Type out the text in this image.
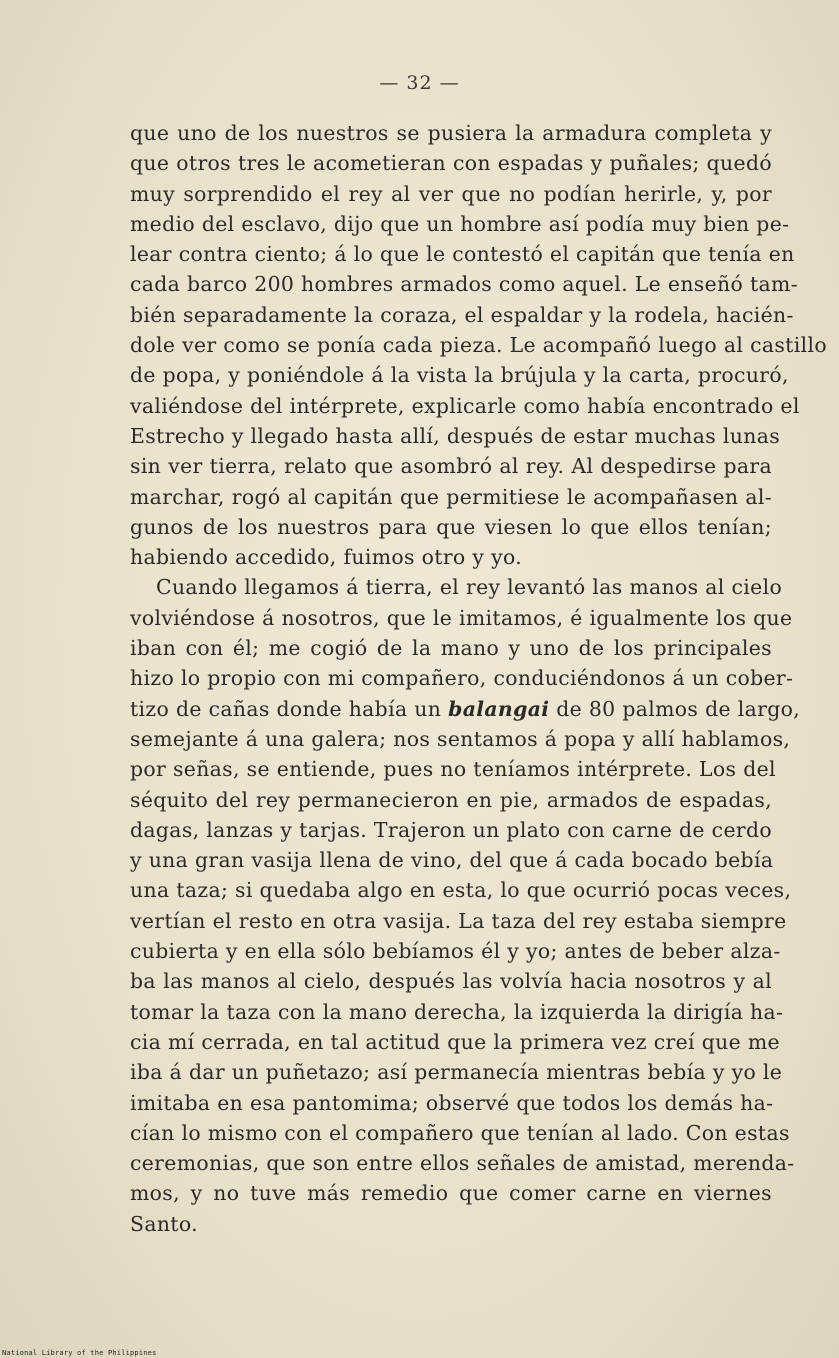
— 32 —
que uno de los nuestros se pusiera la armadura completa y
que otros tres le acometieran con espadas y puñales; quedó
muy sorprendido el rey al ver que no podían herirle, y, por
medio del esclavo, dijo que un hombre así podía muy bien pe-
lear contra ciento; á lo que le contestó el capitán que tenía en
cada barco 200 hombres armados como aquel. Le enseñó tam-
bién separadamente la coraza, el espaldar y la rodela, hacién-
dole ver como se ponía cada pieza. Le acompañó luego al castillo
de popa, y poniéndole á la vista la brújula y la carta, procuró,
valiéndose del intérprete, explicarle como había encontrado el
Estrecho y llegado hasta allí, después de estar muchas lunas
sin ver tierra, relato que asombró al rey. Al despedirse para
marchar, rogó al capitán que permitiese le acompañasen al-
gunos de los nuestros para que viesen lo que ellos tenían;
habiendo accedido, fuimos otro y yo.
Cuando llegamos á tierra, el rey levantó las manos al cielo
volviéndose á nosotros, que le imitamos, é igualmente los que
iban con él; me cogió de la mano y uno de los principales
hizo lo propio con mi compañero, conduciéndonos á un cober-
tizo de cañas donde había un balangai de 80 palmos de largo,
semejante á una galera; nos sentamos á popa y allí hablamos,
por señas, se entiende, pues no teníamos intérprete. Los del
séquito del rey permanecieron en pie, armados de espadas,
dagas, lanzas y tarjas. Trajeron un plato con carne de cerdo
y una gran vasija llena de vino, del que á cada bocado bebía
una taza; si quedaba algo en esta, lo que ocurrió pocas veces,
vertían el resto en otra vasija. La taza del rey estaba siempre
cubierta y en ella sólo bebíamos él y yo; antes de beber alza-
ba las manos al cielo, después las volvía hacia nosotros y al
tomar la taza con la mano derecha, la izquierda la dirigía ha-
cia mí cerrada, en tal actitud que la primera vez creí que me
iba á dar un puñetazo; así permanecía mientras bebía y yo le
imitaba en esa pantomima; observé que todos los demás ha-
cían lo mismo con el compañero que tenían al lado. Con estas
ceremonias, que son entre ellos señales de amistad, merenda-
mos, y no tuve más remedio que comer carne en viernes
Santo.
National Library of the Philippines
